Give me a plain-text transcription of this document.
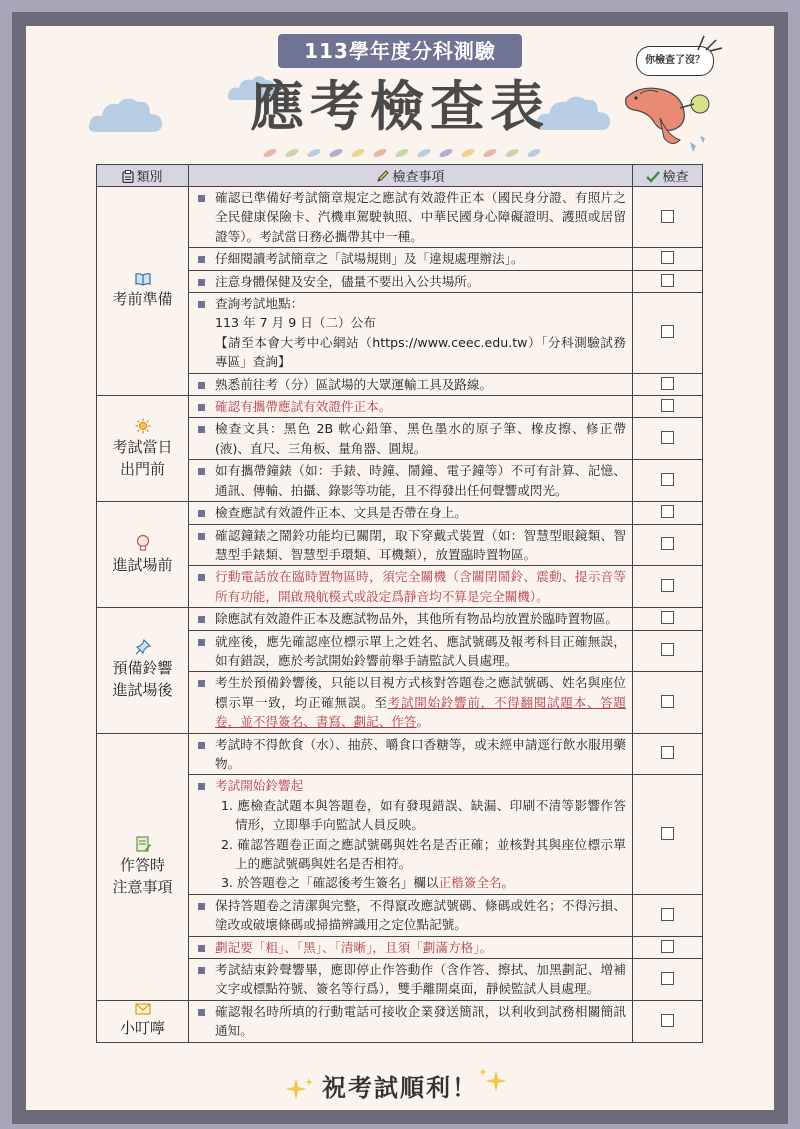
113學年度分科測驗
應考檢查表
你檢查了沒？
類別	檢查事項	檢查

考前準備	確認已準備好考試簡章規定之應試有效證件正本（國民身分證、有照片之全民健康保險卡、汽機車駕駛執照、中華民國身心障礙證明、護照或居留證等）。考試當日務必攜帶其中一種。	
	仔細閱讀考試簡章之「試場規則」及「違規處理辦法」。	
	注意身體保健及安全，儘量不要出入公共場所。	

	查詢考試地點：
113 年 7 月 9 日（二）公布
【請至本會大考中心網站（https://www.ceec.edu.tw）「分科測驗試務專區」查詢】	

	熟悉前往考（分）區試場的大眾運輸工具及路線。	

考試當日
出門前	確認有攜帶應試有效證件正本。	
	檢查文具：黑色 2B 軟心鉛筆、黑色墨水的原子筆、橡皮擦、修正帶(液)、直尺、三角板、量角器、圓規。	
	如有攜帶鐘錶（如：手錶、時鐘、鬧鐘、電子鐘等）不可有計算、記憶、通訊、傳輸、拍攝、錄影等功能，且不得發出任何聲響或閃光。	

進試場前	檢查應試有效證件正本、文具是否帶在身上。	
	確認鐘錶之鬧鈴功能均已關閉，取下穿戴式裝置（如：智慧型眼鏡類、智慧型手錶類、智慧型手環類、耳機類），放置臨時置物區。	
	行動電話放在臨時置物區時，須完全關機（含關閉鬧鈴、震動、提示音等所有功能，開啟飛航模式或設定爲靜音均不算是完全關機）。	

預備鈴響
進試場後	除應試有效證件正本及應試物品外，其他所有物品均放置於臨時置物區。	
	就座後，應先確認座位標示單上之姓名、應試號碼及報考科目正確無誤，如有錯誤，應於考試開始鈴響前舉手請監試人員處理。	
	考生於預備鈴響後，只能以目視方式核對答題卷之應試號碼、姓名與座位標示單一致，均正確無誤。至考試開始鈴響前，不得翻閱試題本、答題卷，並不得簽名、書寫、劃記、作答。	

作答時
注意事項	考試時不得飲食（水）、抽菸、嚼食口香糖等，或未經申請逕行飲水服用藥物。	

	考試開始鈴響起
1. 應檢查試題本與答題卷，如有發現錯誤、缺漏、印刷不清等影響作答情形，立即舉手向監試人員反映。
2. 確認答題卷正面之應試號碼與姓名是否正確；並核對其與座位標示單上的應試號碼與姓名是否相符。
3. 於答題卷之「確認後考生簽名」欄以正楷簽全名。	

	保持答題卷之清潔與完整，不得竄改應試號碼、條碼或姓名；不得污損、塗改或破壞條碼或掃描辨識用之定位點記號。	
	劃記要「粗」、「黑」、「清晰」，且須「劃滿方格」。	
	考試結束鈴聲響畢，應即停止作答動作（含作答、擦拭、加黑劃記、增補文字或標點符號、簽名等行爲），雙手離開桌面，靜候監試人員處理。	

小叮嚀	確認報名時所填的行動電話可接收企業發送簡訊，以利收到試務相關簡訊通知。	
祝考試順利！
